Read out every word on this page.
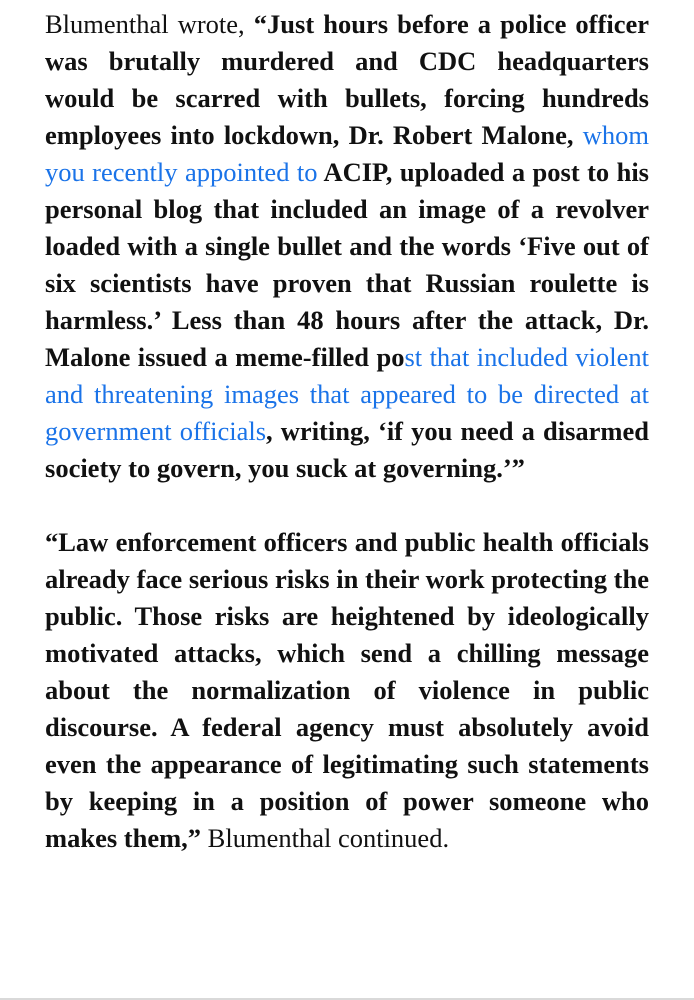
Blumenthal wrote, “Just hours before a police officer was brutally murdered and CDC headquarters would be scarred with bullets, forcing hundreds employees into lockdown, Dr. Robert Malone, whom you recently appointed to ACIP, uploaded a post to his personal blog that included an image of a revolver loaded with a single bullet and the words ‘Five out of six scientists have proven that Russian roulette is harmless.’ Less than 48 hours after the attack, Dr. Malone issued a meme-filled post that included violent and threatening images that appeared to be directed at government officials, writing, ‘if you need a disarmed society to govern, you suck at governing.’”

“Law enforcement officers and public health officials already face serious risks in their work protecting the public. Those risks are heightened by ideologically motivated attacks, which send a chilling message about the normalization of violence in public discourse. A federal agency must absolutely avoid even the appearance of legitimating such statements by keeping in a position of power someone who makes them,” Blumenthal continued.
